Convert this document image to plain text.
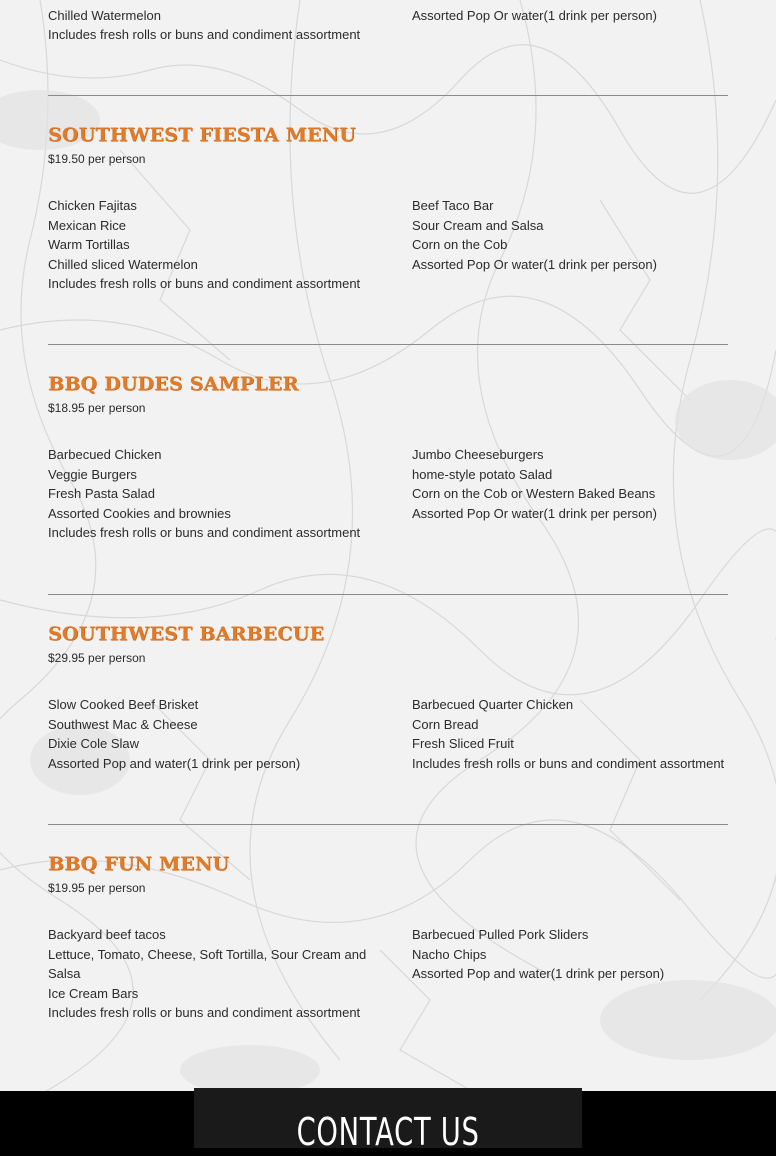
Chilled Watermelon
Includes fresh rolls or buns and condiment assortment
Assorted Pop Or water(1 drink per person)
SOUTHWEST FIESTA MENU
$19.50 per person
Chicken Fajitas
Mexican Rice
Warm Tortillas
Chilled sliced Watermelon
Includes fresh rolls or buns and condiment assortment
Beef Taco Bar
Sour Cream and Salsa
Corn on the Cob
Assorted Pop Or water(1 drink per person)
BBQ DUDES SAMPLER
$18.95 per person
Barbecued Chicken
Veggie Burgers
Fresh Pasta Salad
Assorted Cookies and brownies
Includes fresh rolls or buns and condiment assortment
Jumbo Cheeseburgers
home-style potato Salad
Corn on the Cob or Western Baked Beans
Assorted Pop Or water(1 drink per person)
SOUTHWEST BARBECUE
$29.95 per person
Slow Cooked Beef Brisket
Southwest Mac & Cheese
Dixie Cole Slaw
Assorted Pop and water(1 drink per person)
Barbecued Quarter Chicken
Corn Bread
Fresh Sliced Fruit
Includes fresh rolls or buns and condiment assortment
BBQ FUN MENU
$19.95 per person
Backyard beef tacos
Lettuce, Tomato, Cheese, Soft Tortilla, Sour Cream and Salsa
Ice Cream Bars
Includes fresh rolls or buns and condiment assortment
Barbecued Pulled Pork Sliders
Nacho Chips
Assorted Pop and water(1 drink per person)
CONTACT US
